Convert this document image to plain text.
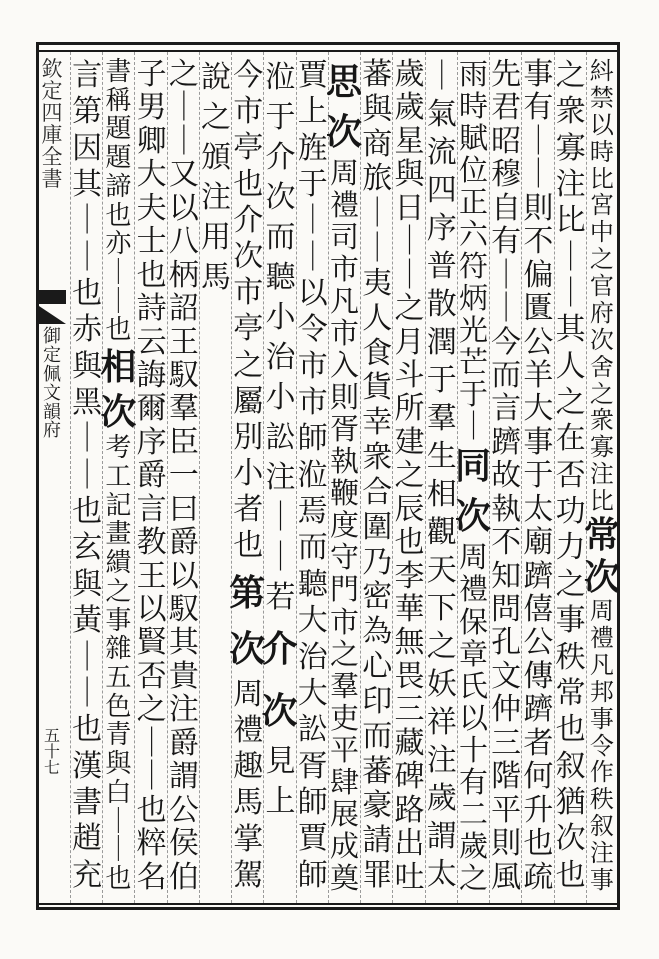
欽
定
四
庫
全
書
御
定
佩
文
韻
府
五
十
七
紏
禁
以
時
比
宮
中
之
官
府
次
舍
之
衆
寡
注
比
常
次
周
禮
凡
邦
事
令
作
秩
叙
注
事
之
衆
寡
注
比
｜
｜
其
人
之
在
否
功
力
之
事
秩
常
也
叙
猶
次
也
事
有
｜
｜
則
不
偏
匱
公
羊
大
事
于
太
廟
躋
僖
公
傳
躋
者
何
升
也
疏
先
君
昭
穆
自
有
｜
｜
今
而
言
躋
故
執
不
知
問
孔
文
仲
三
階
平
則
風
雨
時
賦
位
正
六
符
炳
光
芒
于
｜
同
次
周
禮
保
章
氏
以
十
有
二
歲
之
｜
氣
流
四
序
普
散
潤
于
羣
生
相
觀
天
下
之
妖
祥
注
歲
謂
太
歲
歲
星
與
日
｜
｜
之
月
斗
所
建
之
辰
也
李
華
無
畏
三
藏
碑
路
出
吐
蕃
與
商
旅
｜
｜
夷
人
食
貨
幸
衆
合
圍
乃
密
為
心
印
而
蕃
豪
請
罪
思
次
周
禮
司
市
凡
市
入
則
胥
執
鞭
度
守
門
市
之
羣
吏
平
肆
展
成
奠
賈
上
旌
于
｜
｜
以
令
市
市
師
涖
焉
而
聽
大
治
大
訟
胥
師
賈
師
涖
于
介
次
而
聽
小
治
小
訟
注
｜
｜
若
介
次
見
上
今
市
亭
也
介
次
市
亭
之
屬
別
小
者
也
第
次
周
禮
趣
馬
掌
駕
說
之
頒
注
用
馬
之
｜
｜
又
以
八
柄
詔
王
馭
羣
臣
一
曰
爵
以
馭
其
貴
注
爵
謂
公
侯
伯
子
男
卿
大
夫
士
也
詩
云
誨
爾
序
爵
言
教
王
以
賢
否
之
｜
｜
也
粹
名
書
稱
題
題
諦
也
亦
｜
｜
也
相
次
考
工
記
畫
繢
之
事
雜
五
色
青
與
白
｜
｜
也
言
第
因
其
｜
｜
也
赤
與
黑
｜
｜
也
玄
與
黃
｜
｜
也
漢
書
趙
充
